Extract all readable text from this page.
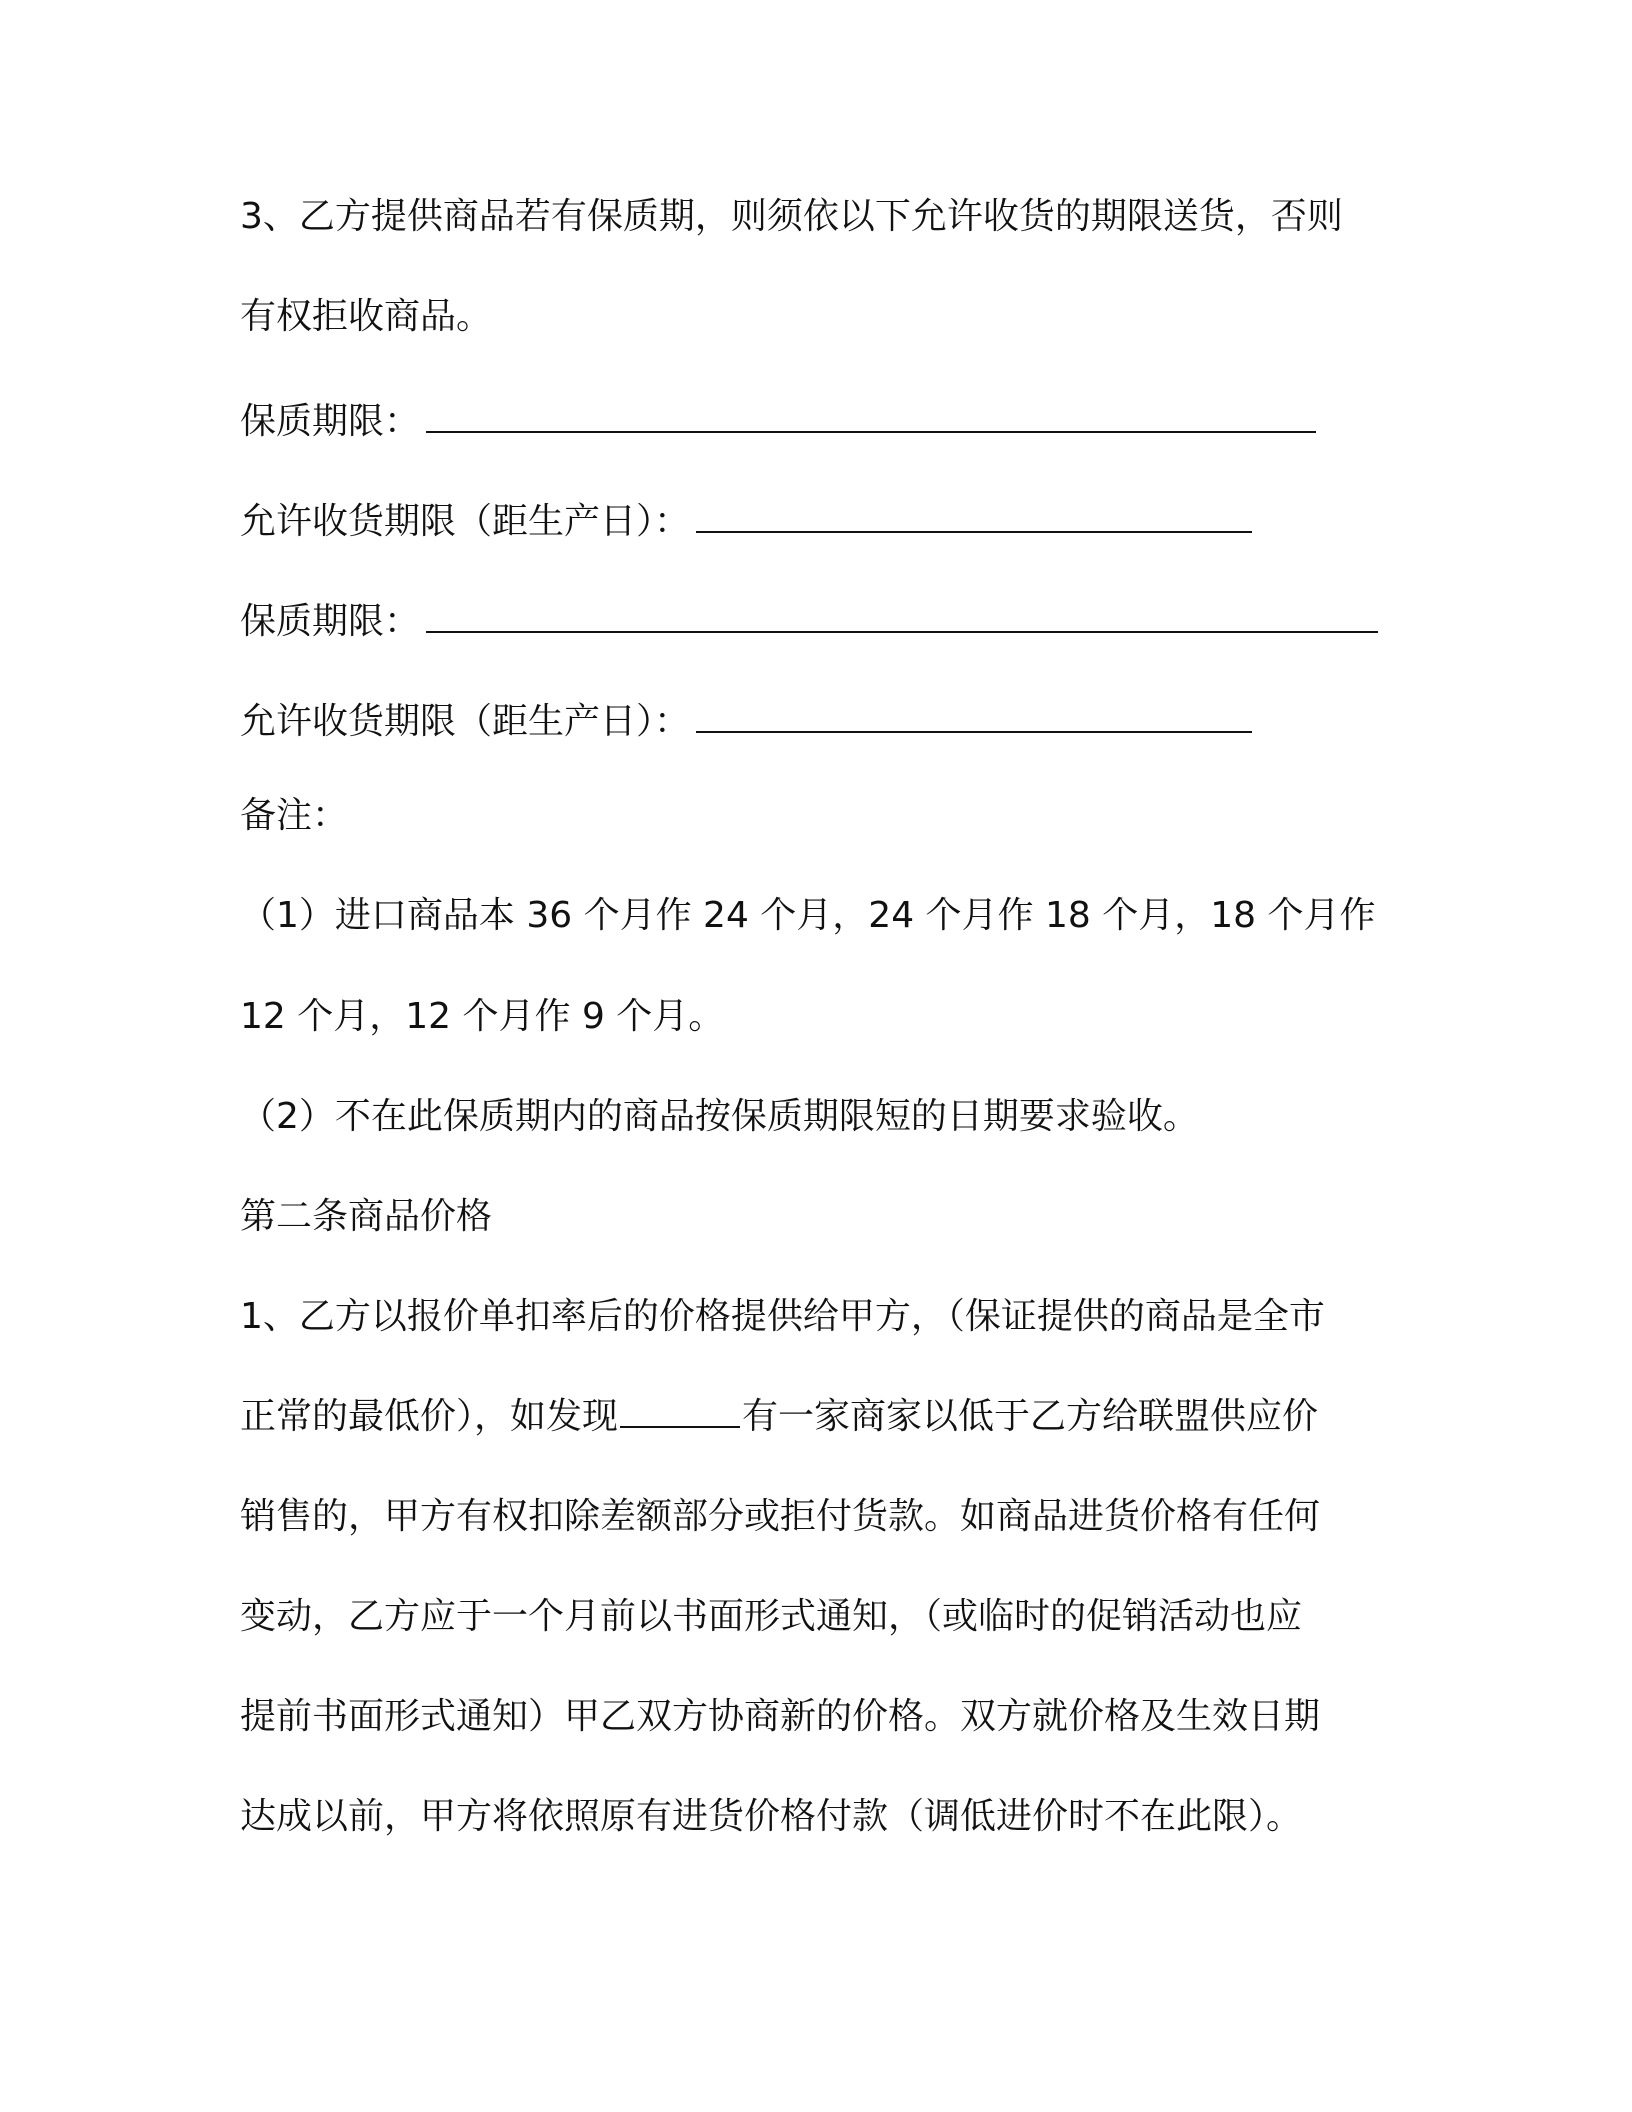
3、乙方提供商品若有保质期，则须依以下允许收货的期限送货，否则
有权拒收商品。
保质期限：
允许收货期限（距生产日）：
保质期限：
允许收货期限（距生产日）：
备注：
（1）进口商品本 36 个月作 24 个月，24 个月作 18 个月，18 个月作
12 个月，12 个月作 9 个月。
（2）不在此保质期内的商品按保质期限短的日期要求验收。
第二条商品价格
1、乙方以报价单扣率后的价格提供给甲方，（保证提供的商品是全市
正常的最低价），如发现	有一家商家以低于乙方给联盟供应价
销售的，甲方有权扣除差额部分或拒付货款。如商品进货价格有任何
变动，乙方应于一个月前以书面形式通知，（或临时的促销活动也应
提前书面形式通知）甲乙双方协商新的价格。双方就价格及生效日期
达成以前，甲方将依照原有进货价格付款（调低进价时不在此限）。
